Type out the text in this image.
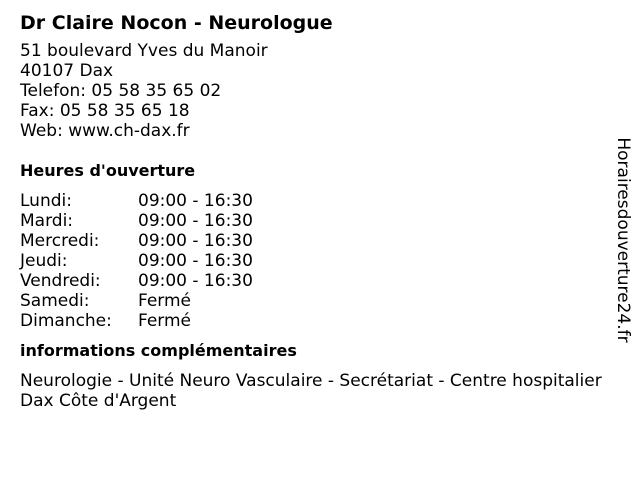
Dr Claire Nocon - Neurologue
51 boulevard Yves du Manoir
40107 Dax
Telefon: 05 58 35 65 02
Fax: 05 58 35 65 18
Web: www.ch-dax.fr
Heures d'ouverture
Lundi:	09:00 - 16:30
Mardi:	09:00 - 16:30
Mercredi:	09:00 - 16:30
Jeudi:	09:00 - 16:30
Vendredi:	09:00 - 16:30
Samedi:	Fermé
Dimanche:	Fermé
informations complémentaires
Neurologie - Unité Neuro Vasculaire - Secrétariat - Centre hospitalier Dax Côte d'Argent
Horairesdouverture24.fr
